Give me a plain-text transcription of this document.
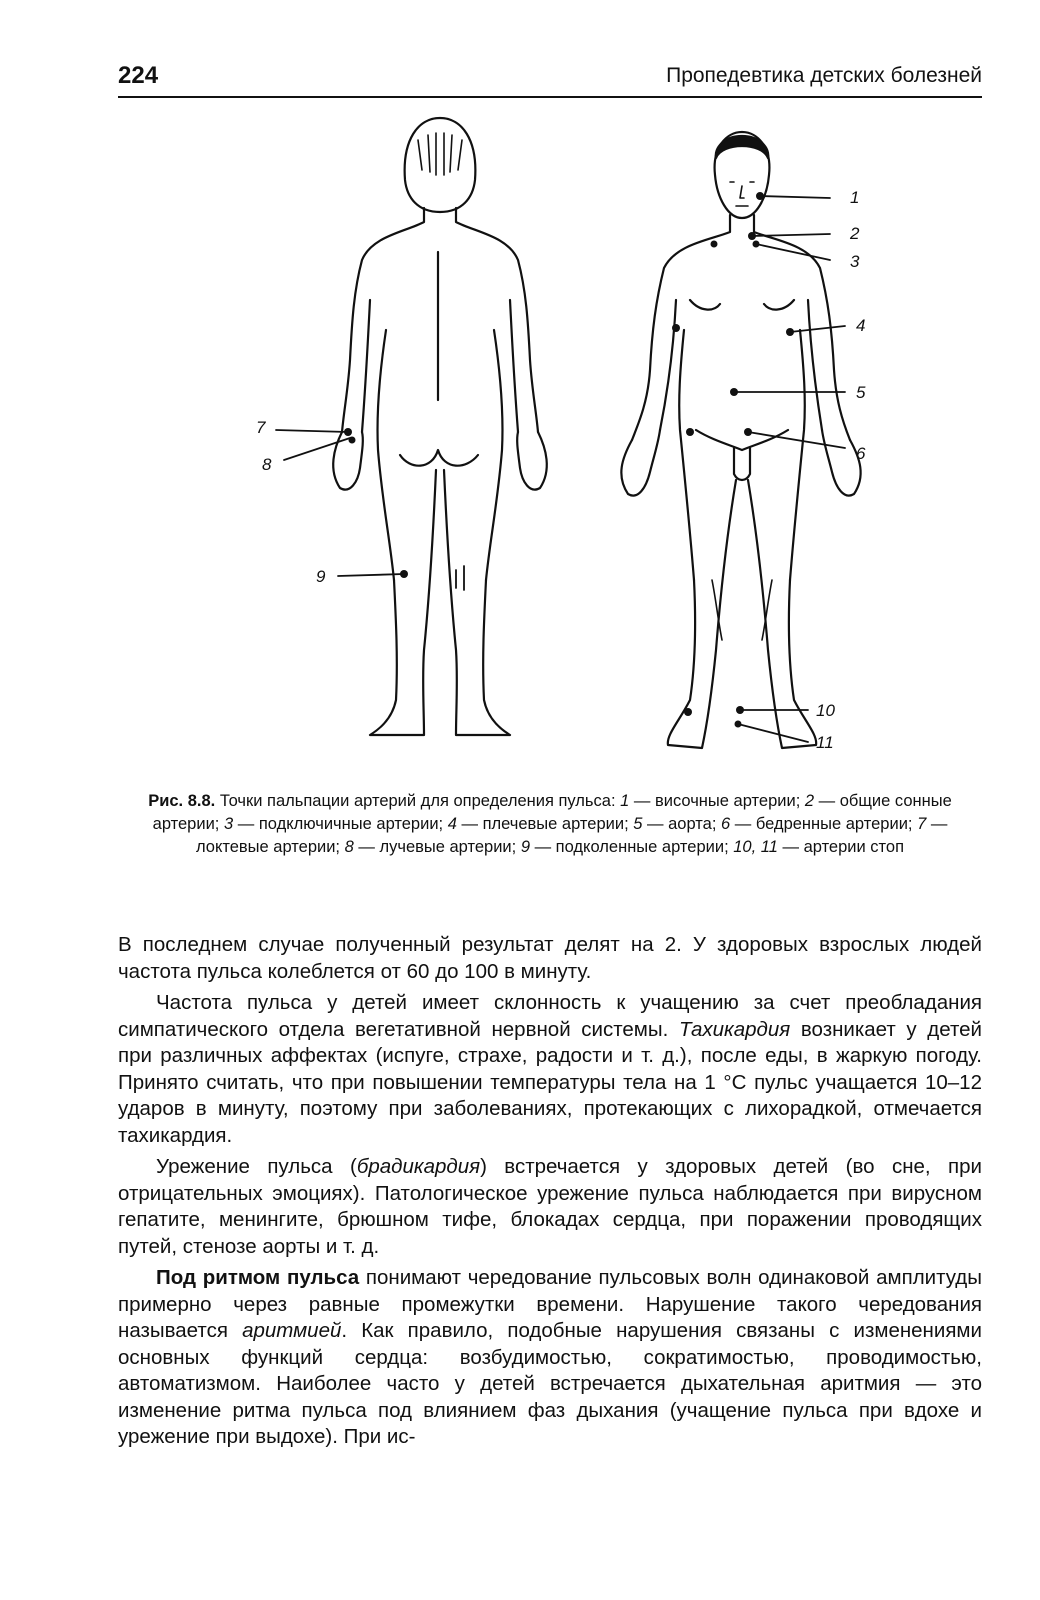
224	Пропедевтика детских болезней
1
2
3
4
5
6
7
8
9
10
11
Рис. 8.8. Точки пальпации артерий для определения пульса: 1 — височные артерии; 2 — общие сонные артерии; 3 — подключичные артерии; 4 — плечевые артерии; 5 — аорта; 6 — бедренные артерии; 7 — локтевые артерии; 8 — лучевые артерии; 9 — подколенные артерии; 10, 11 — артерии стоп

В последнем случае полученный результат делят на 2. У здоровых взрослых людей частота пульса колеблется от 60 до 100 в минуту.

Частота пульса у детей имеет склонность к учащению за счет преобладания симпатического отдела вегетативной нервной системы. Тахикардия возникает у детей при различных аффектах (испуге, страхе, радости и т. д.), после еды, в жаркую погоду. Принято считать, что при повышении температуры тела на 1 °С пульс учащается 10–12 ударов в минуту, поэтому при заболеваниях, протекающих с лихорадкой, отмечается тахикардия.

Урежение пульса (брадикардия) встречается у здоровых детей (во сне, при отрицательных эмоциях). Патологическое урежение пульса наблюдается при вирусном гепатите, менингите, брюшном тифе, блокадах сердца, при поражении проводящих путей, стенозе аорты и т. д.

Под ритмом пульса понимают чередование пульсовых волн одинаковой амплитуды примерно через равные промежутки времени. Нарушение такого чередования называется аритмией. Как правило, подобные нарушения связаны с изменениями основных функций сердца: возбудимостью, сократимостью, проводимостью, автоматизмом. Наиболее часто у детей встречается дыхательная аритмия — это изменение ритма пульса под влиянием фаз дыхания (учащение пульса при вдохе и урежение при выдохе). При ис-
